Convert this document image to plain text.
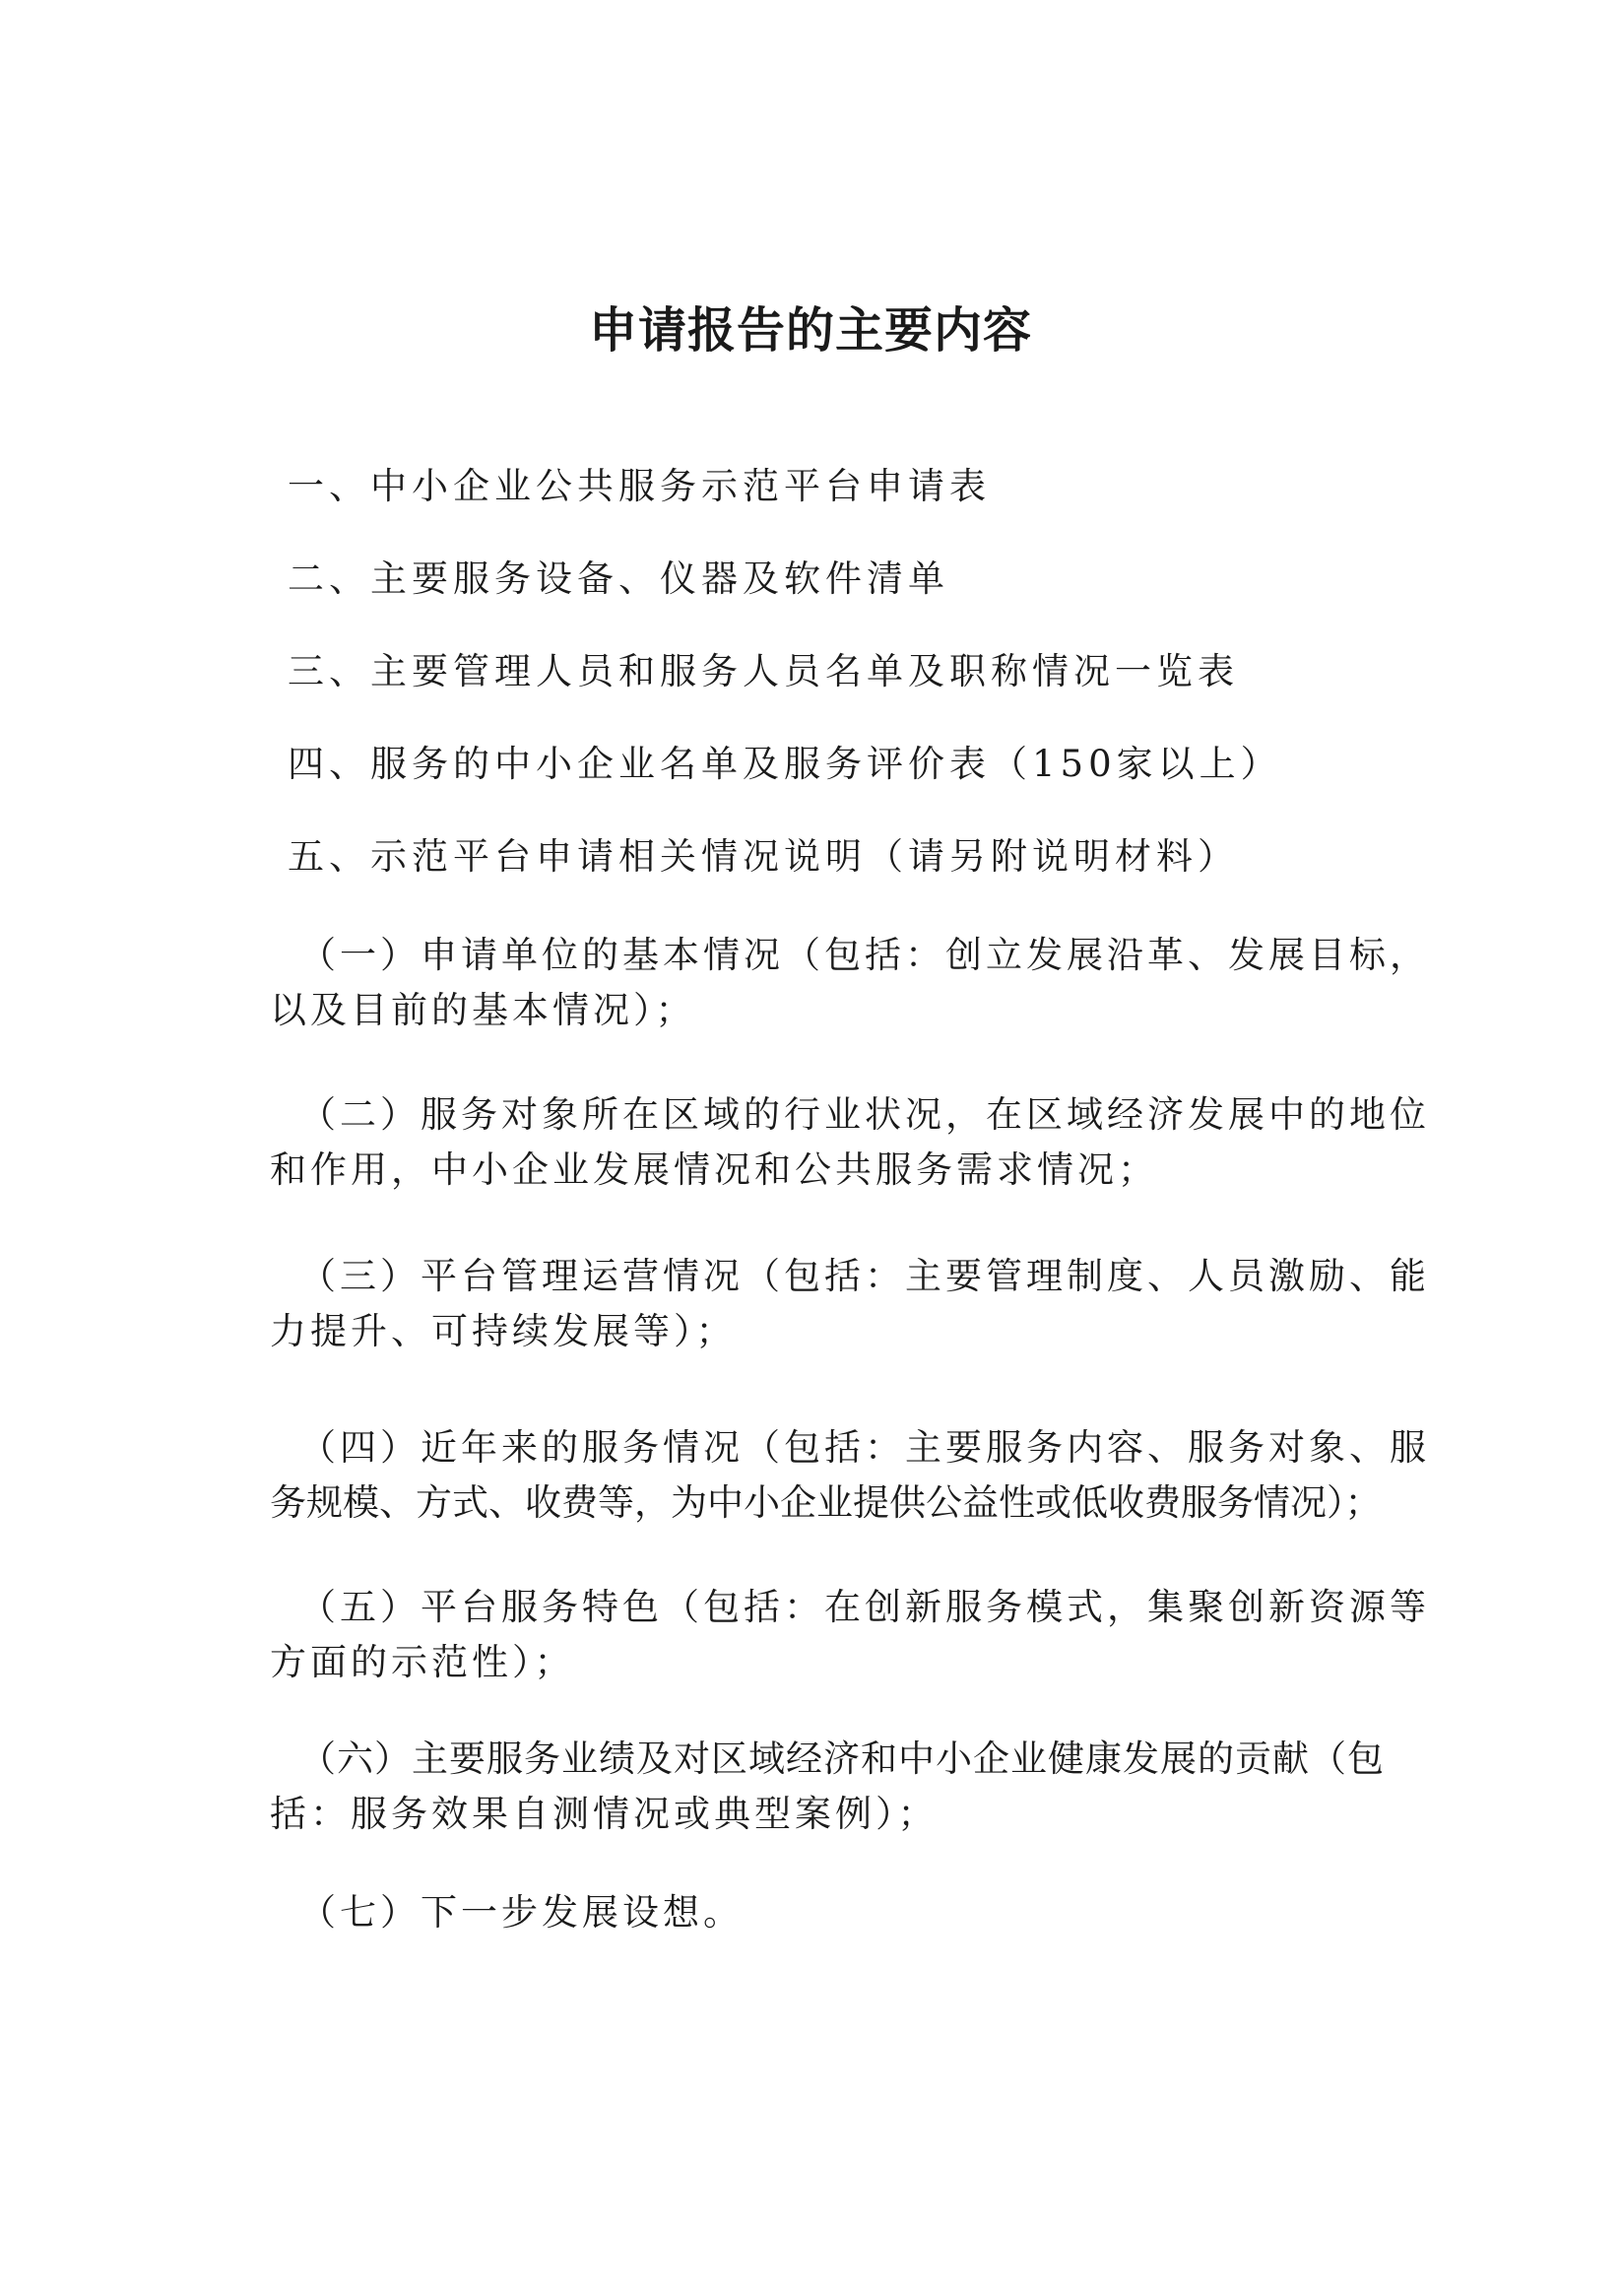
申请报告的主要内容
一、中小企业公共服务示范平台申请表
二、主要服务设备、仪器及软件清单
三、主要管理人员和服务人员名单及职称情况一览表
四、服务的中小企业名单及服务评价表（150家以上）
五、示范平台申请相关情况说明（请另附说明材料）
（一）申请单位的基本情况（包括：创立发展沿革、发展目标，
以及目前的基本情况）；
（二）服务对象所在区域的行业状况，在区域经济发展中的地位
和作用，中小企业发展情况和公共服务需求情况；
（三）平台管理运营情况（包括：主要管理制度、人员激励、能
力提升、可持续发展等）；
（四）近年来的服务情况（包括：主要服务内容、服务对象、服
务规模、方式、收费等，为中小企业提供公益性或低收费服务情况）；
（五）平台服务特色（包括：在创新服务模式，集聚创新资源等
方面的示范性）；
（六）主要服务业绩及对区域经济和中小企业健康发展的贡献（包
括：服务效果自测情况或典型案例）；
（七）下一步发展设想。
